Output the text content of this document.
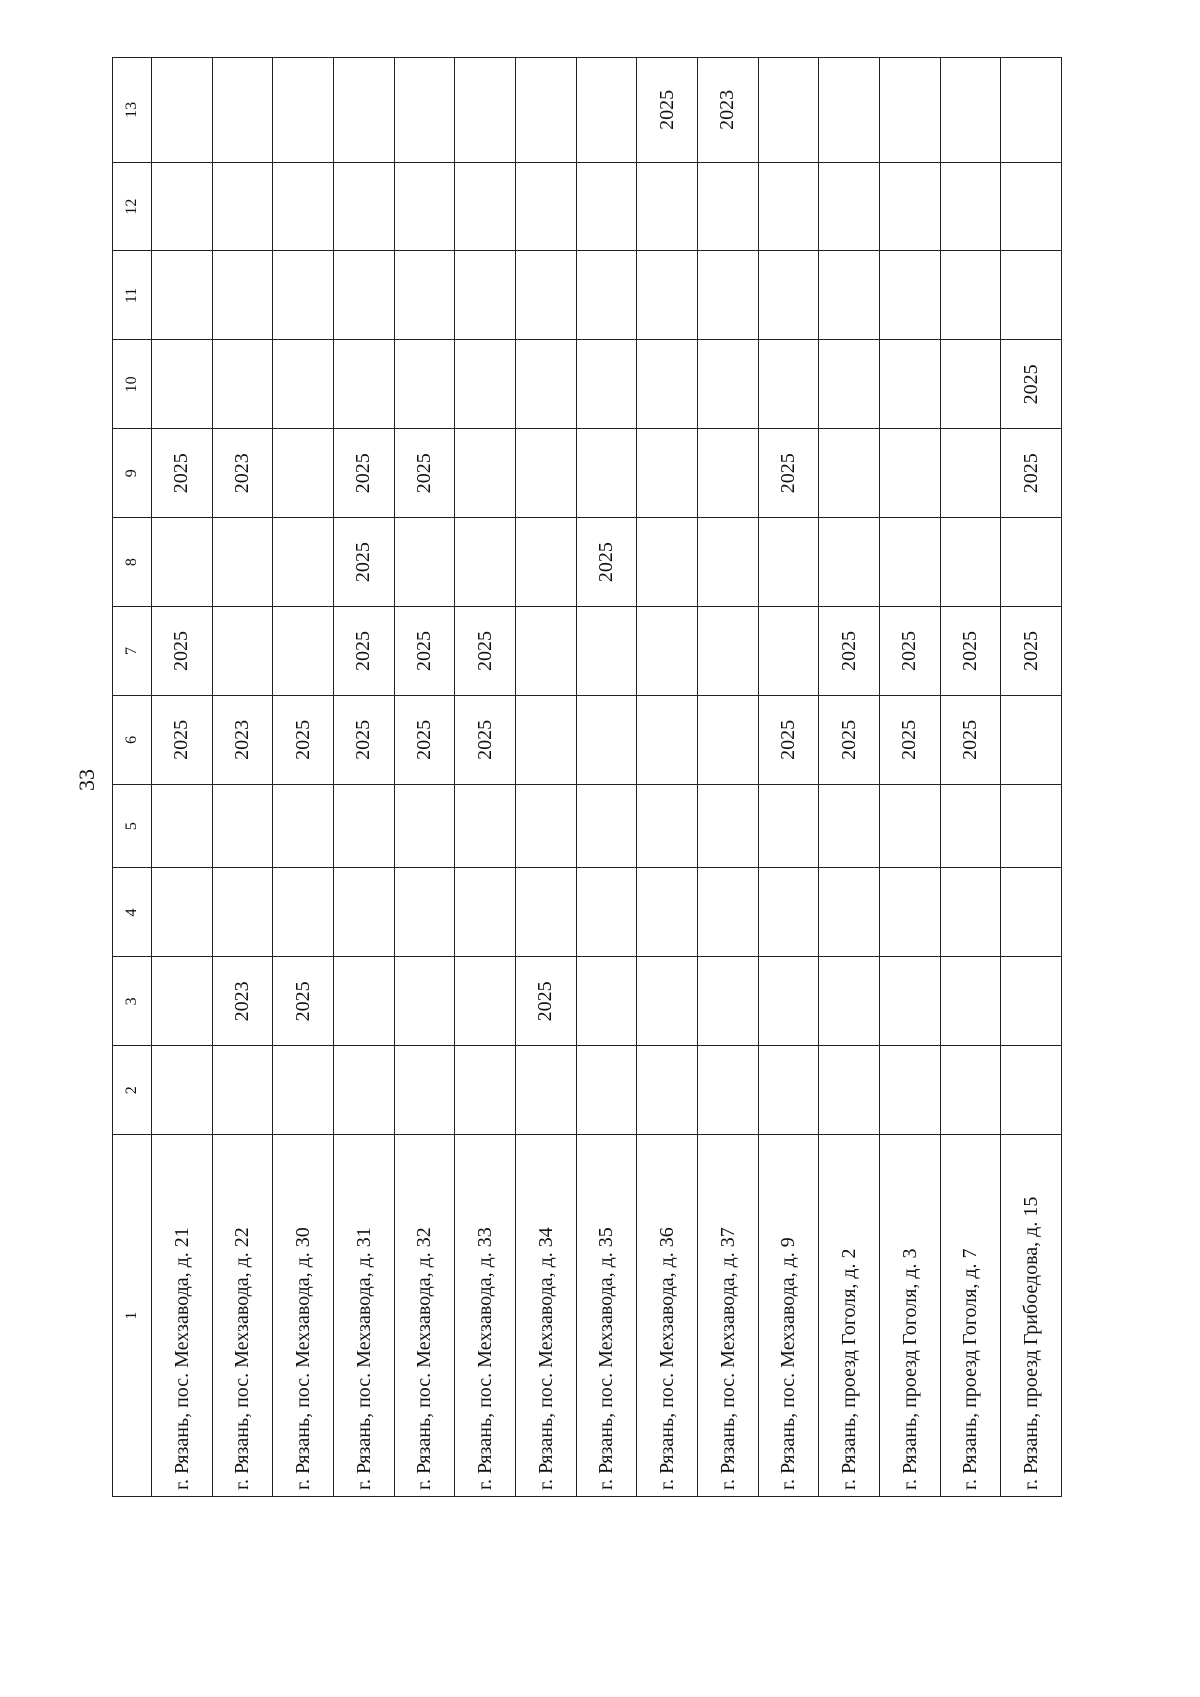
33
1	2	3	4	5	6	7	8	9	10	11	12	13
г. Рязань, пос. Мехзавода, д. 21					2025	2025		2025				
г. Рязань, пос. Мехзавода, д. 22		2023			2023			2023				
г. Рязань, пос. Мехзавода, д. 30		2025			2025							
г. Рязань, пос. Мехзавода, д. 31					2025	2025	2025	2025				
г. Рязань, пос. Мехзавода, д. 32					2025	2025		2025				
г. Рязань, пос. Мехзавода, д. 33					2025	2025						
г. Рязань, пос. Мехзавода, д. 34		2025										
г. Рязань, пос. Мехзавода, д. 35							2025					
г. Рязань, пос. Мехзавода, д. 36												2025
г. Рязань, пос. Мехзавода, д. 37												2023
г. Рязань, пос. Мехзавода, д. 9					2025			2025				
г. Рязань, проезд Гоголя, д. 2					2025	2025						
г. Рязань, проезд Гоголя, д. 3					2025	2025						
г. Рязань, проезд Гоголя, д. 7					2025	2025						
г. Рязань, проезд Грибоедова, д. 15						2025		2025	2025			
